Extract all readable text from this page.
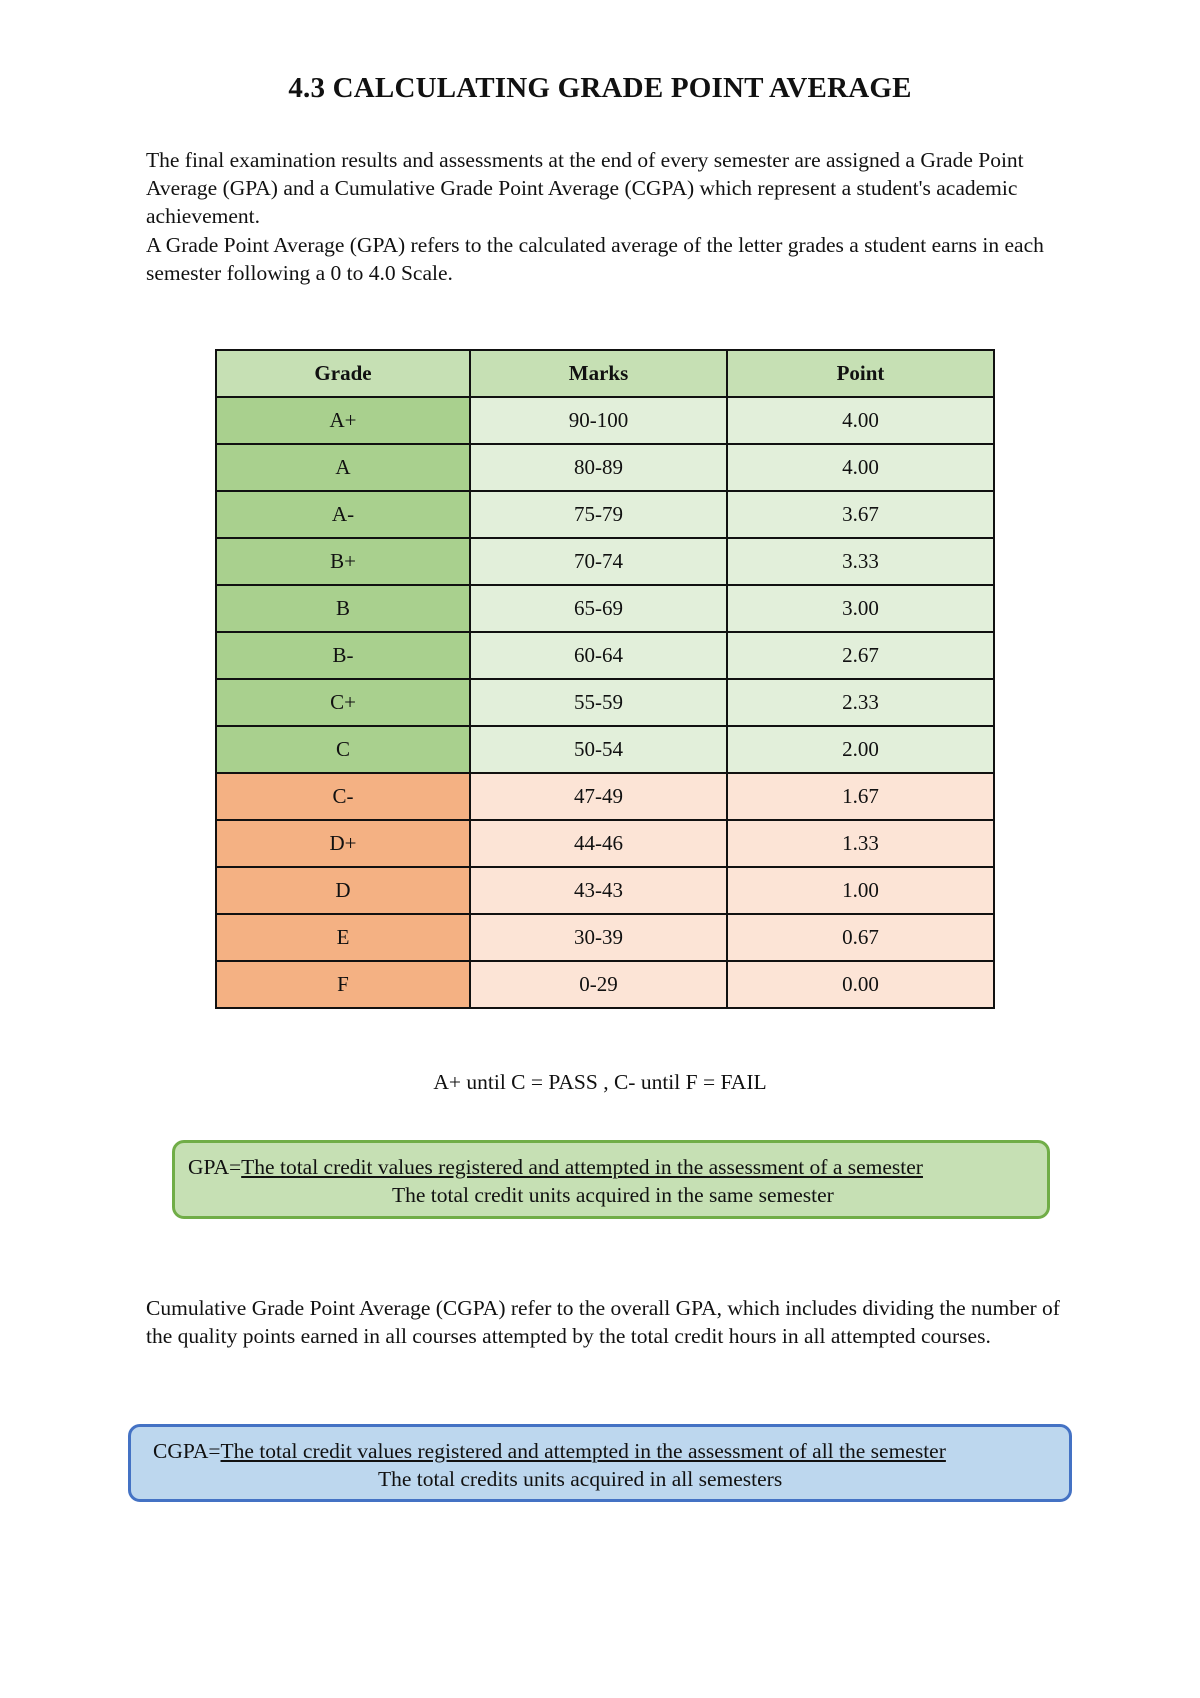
4.3 CALCULATING GRADE POINT AVERAGE

The final examination results and assessments at the end of every semester are assigned a Grade Point Average (GPA) and a Cumulative Grade Point Average (CGPA) which represent a student's academic achievement.

A Grade Point Average (GPA) refers to the calculated average of the letter grades a student earns in each semester following a 0 to 4.0 Scale.

Grade	Marks	Point
A+	90-100	4.00
A	80-89	4.00
A-	75-79	3.67
B+	70-74	3.33
B	65-69	3.00
B-	60-64	2.67
C+	55-59	2.33
C	50-54	2.00
C-	47-49	1.67
D+	44-46	1.33
D	43-43	1.00
E	30-39	0.67
F	0-29	0.00
A+ until C = PASS , C- until F = FAIL
GPA=The total credit values registered and attempted in the assessment of a semester
The total credit units acquired in the same semester

Cumulative Grade Point Average (CGPA) refer to the overall GPA, which includes dividing the number of the quality points earned in all courses attempted by the total credit hours in all attempted courses.

CGPA=The total credit values registered and attempted in the assessment of all the semester
The total credits units acquired in all semesters
